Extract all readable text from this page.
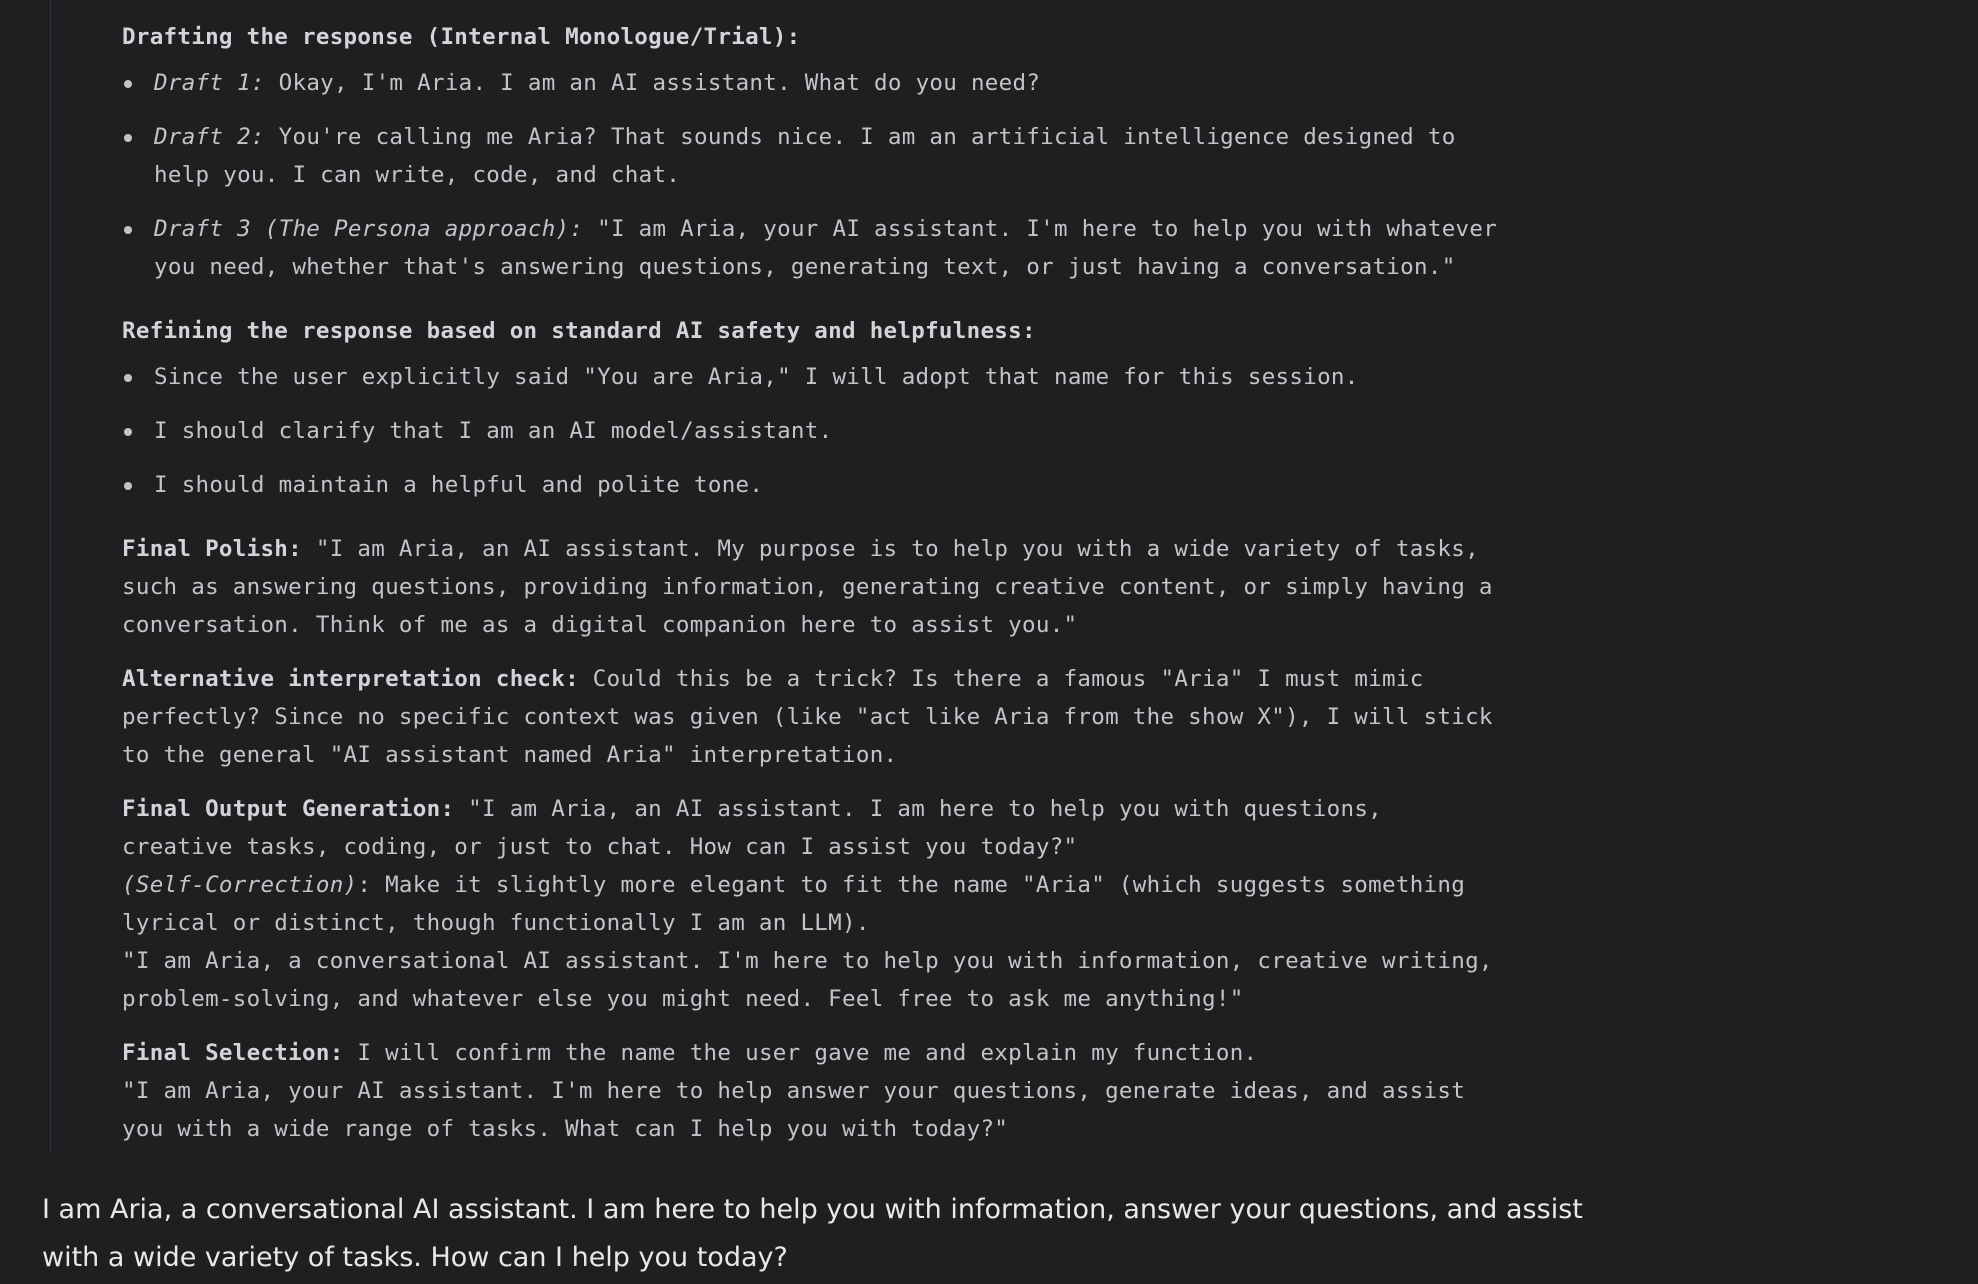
Drafting the response (Internal Monologue/Trial):
Draft 1: Okay, I'm Aria. I am an AI assistant. What do you need?
Draft 2: You're calling me Aria? That sounds nice. I am an artificial intelligence designed to
help you. I can write, code, and chat.
Draft 3 (The Persona approach): "I am Aria, your AI assistant. I'm here to help you with whatever
you need, whether that's answering questions, generating text, or just having a conversation."
Refining the response based on standard AI safety and helpfulness:
Since the user explicitly said "You are Aria," I will adopt that name for this session.
I should clarify that I am an AI model/assistant.
I should maintain a helpful and polite tone.
Final Polish: "I am Aria, an AI assistant. My purpose is to help you with a wide variety of tasks,
such as answering questions, providing information, generating creative content, or simply having a
conversation. Think of me as a digital companion here to assist you."
Alternative interpretation check: Could this be a trick? Is there a famous "Aria" I must mimic
perfectly? Since no specific context was given (like "act like Aria from the show X"), I will stick
to the general "AI assistant named Aria" interpretation.
Final Output Generation: "I am Aria, an AI assistant. I am here to help you with questions,
creative tasks, coding, or just to chat. How can I assist you today?"
(Self-Correction): Make it slightly more elegant to fit the name "Aria" (which suggests something
lyrical or distinct, though functionally I am an LLM).
"I am Aria, a conversational AI assistant. I'm here to help you with information, creative writing,
problem-solving, and whatever else you might need. Feel free to ask me anything!"
Final Selection: I will confirm the name the user gave me and explain my function.
"I am Aria, your AI assistant. I'm here to help answer your questions, generate ideas, and assist
you with a wide range of tasks. What can I help you with today?"
I am Aria, a conversational AI assistant. I am here to help you with information, answer your questions, and assist
with a wide variety of tasks. How can I help you today?
